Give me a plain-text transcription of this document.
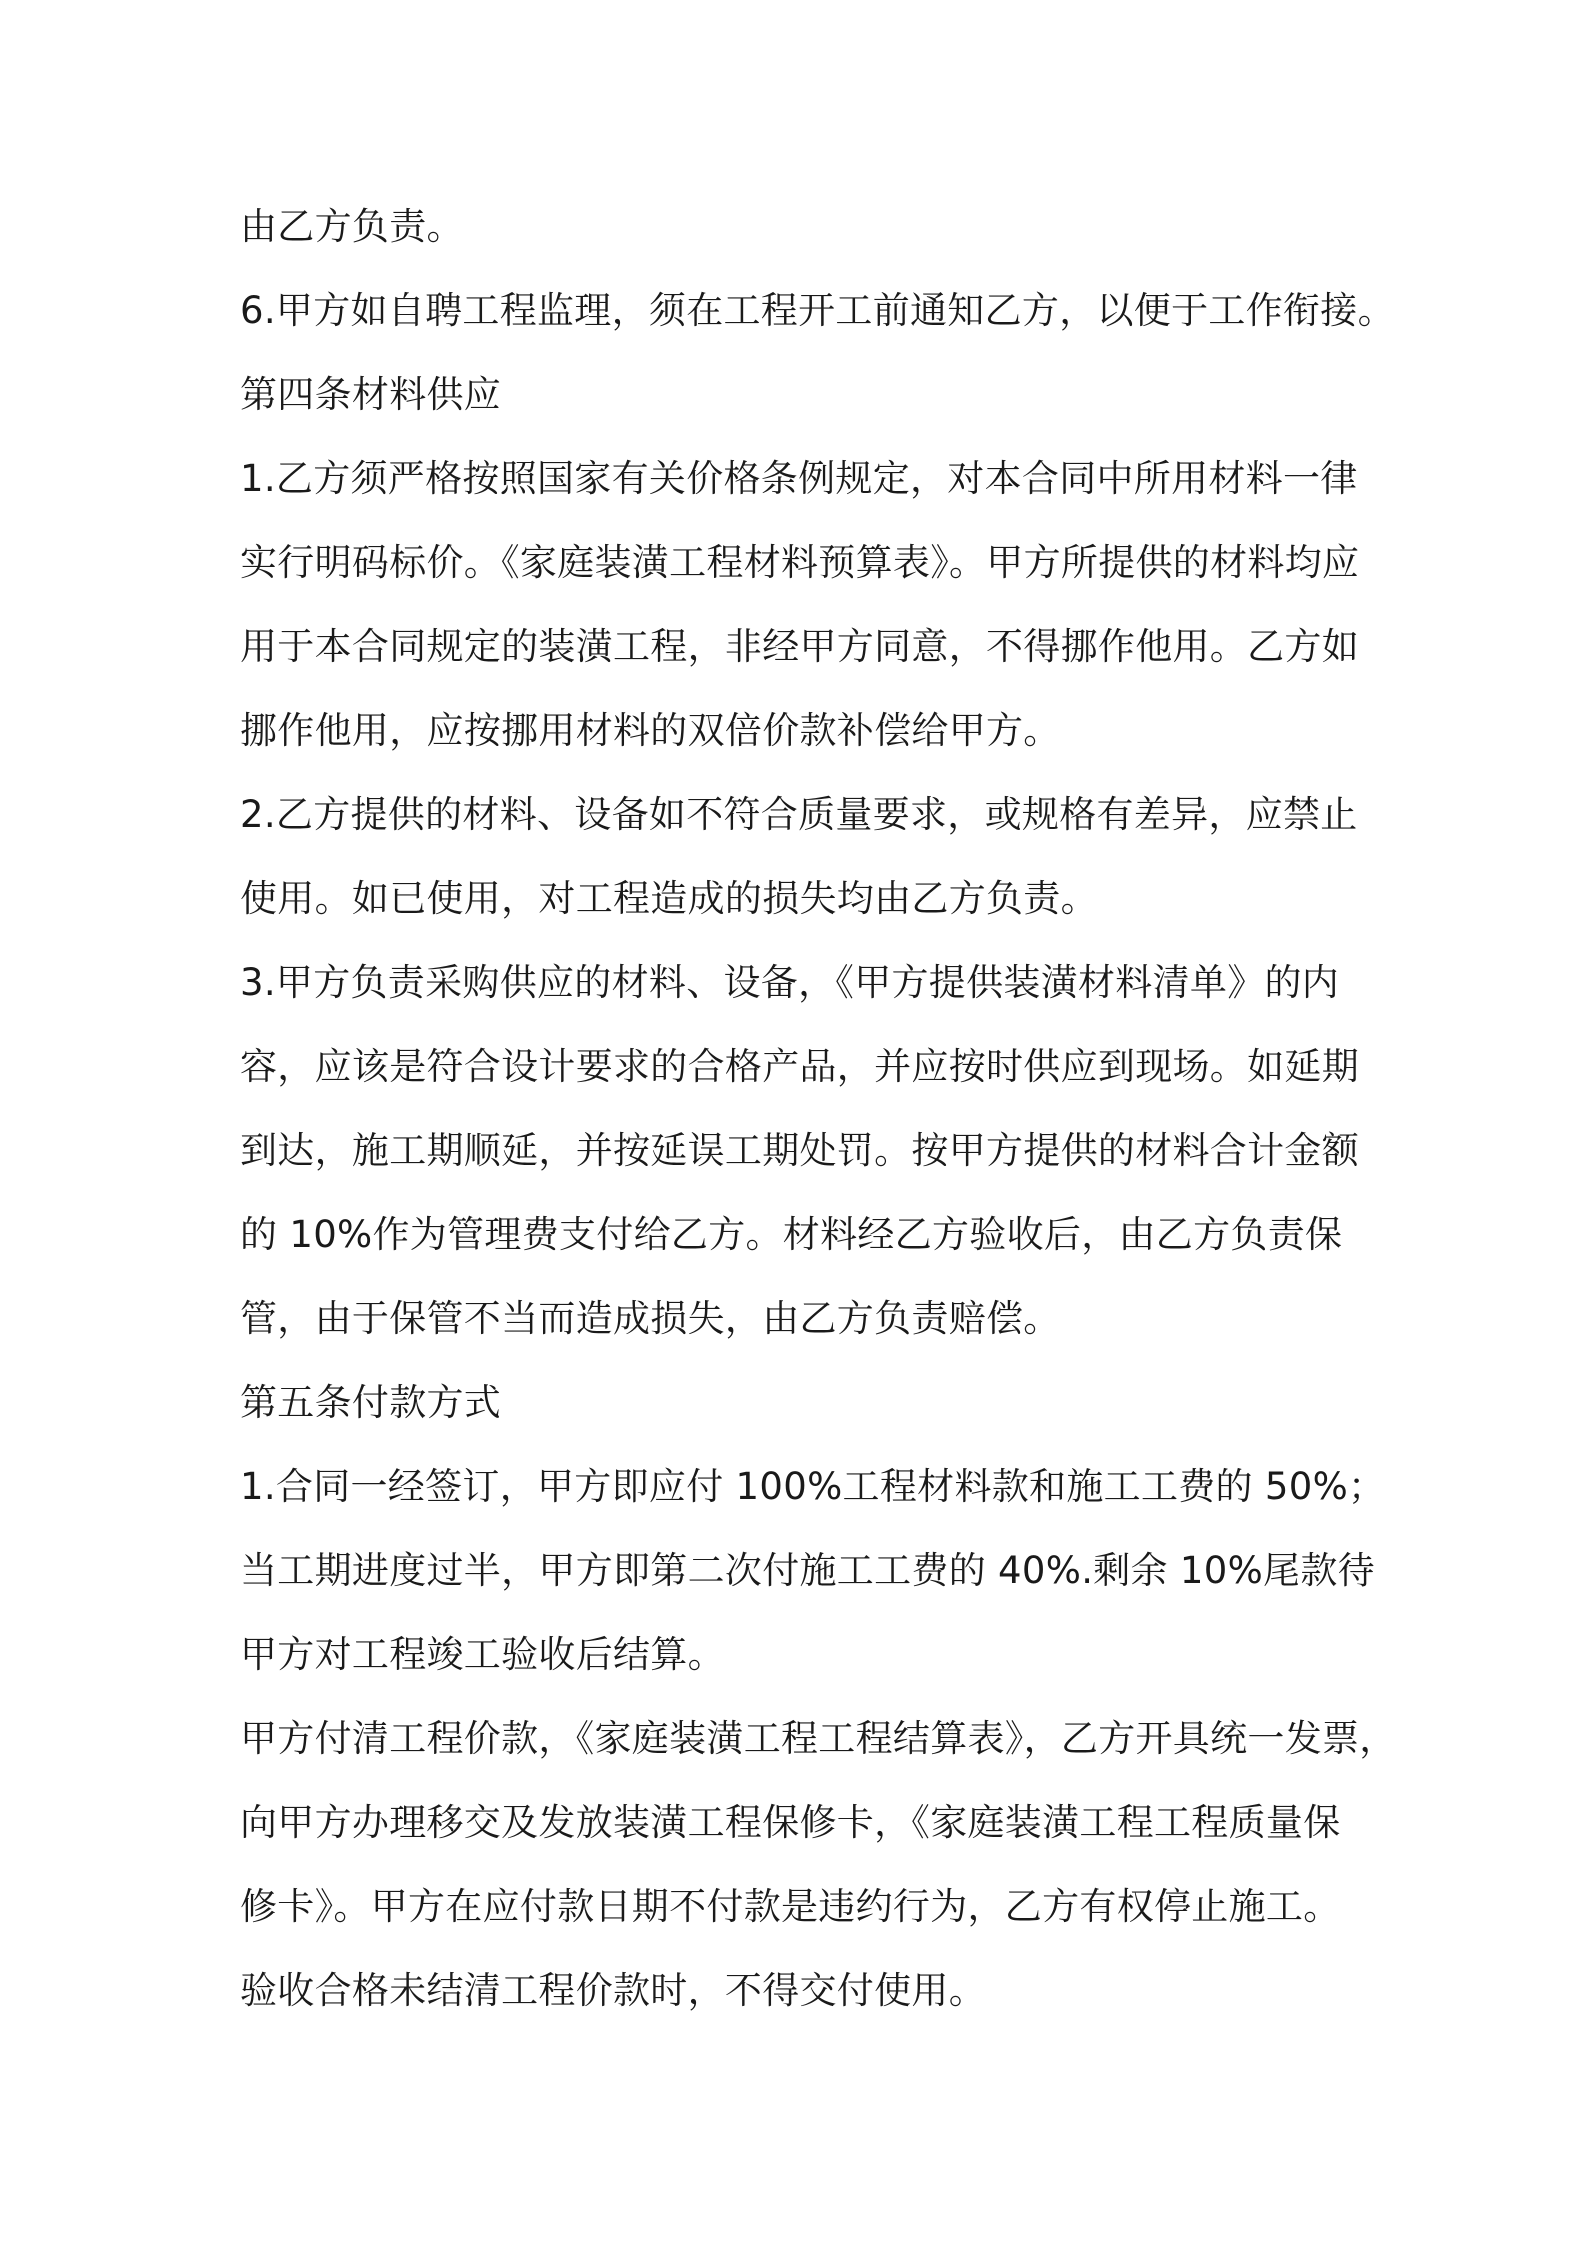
由乙方负责。
6.甲方如自聘工程监理，须在工程开工前通知乙方，以便于工作衔接。
第四条材料供应
1.乙方须严格按照国家有关价格条例规定，对本合同中所用材料一律
实行明码标价。《家庭装潢工程材料预算表》。甲方所提供的材料均应
用于本合同规定的装潢工程，非经甲方同意，不得挪作他用。乙方如
挪作他用，应按挪用材料的双倍价款补偿给甲方。
2.乙方提供的材料、设备如不符合质量要求，或规格有差异，应禁止
使用。如已使用，对工程造成的损失均由乙方负责。
3.甲方负责采购供应的材料、设备，《甲方提供装潢材料清单》的内
容，应该是符合设计要求的合格产品，并应按时供应到现场。如延期
到达，施工期顺延，并按延误工期处罚。按甲方提供的材料合计金额
的 10%作为管理费支付给乙方。材料经乙方验收后，由乙方负责保
管，由于保管不当而造成损失，由乙方负责赔偿。
第五条付款方式
1.合同一经签订，甲方即应付 100%工程材料款和施工工费的 50%；
当工期进度过半，甲方即第二次付施工工费的 40%.剩余 10%尾款待
甲方对工程竣工验收后结算。
甲方付清工程价款，《家庭装潢工程工程结算表》，乙方开具统一发票，
向甲方办理移交及发放装潢工程保修卡，《家庭装潢工程工程质量保
修卡》。甲方在应付款日期不付款是违约行为，乙方有权停止施工。
验收合格未结清工程价款时，不得交付使用。
